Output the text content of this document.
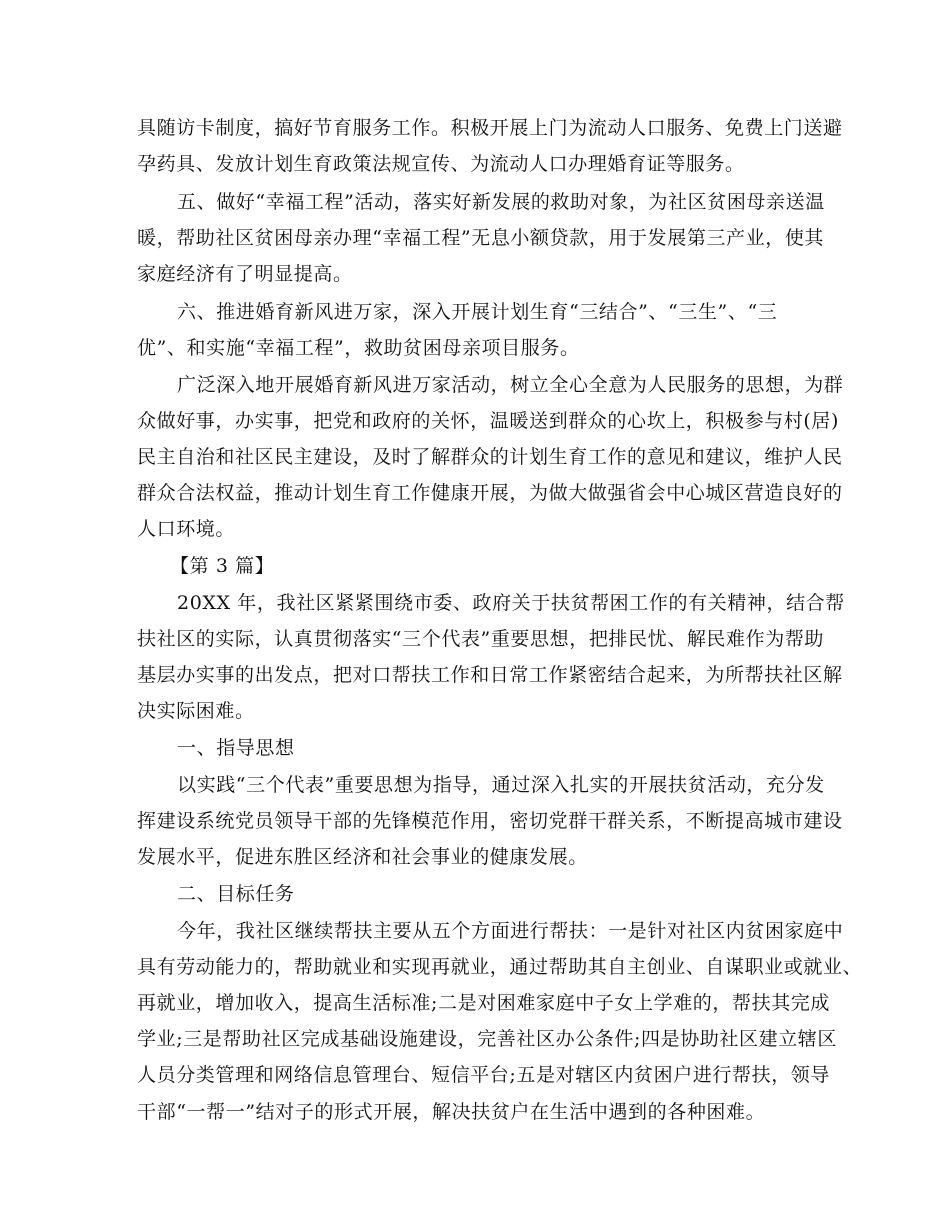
具随访卡制度，搞好节育服务工作。积极开展上门为流动人口服务、免费上门送避

孕药具、发放计划生育政策法规宣传、为流动人口办理婚育证等服务。

五、做好“幸福工程”活动，落实好新发展的救助对象，为社区贫困母亲送温

暖，帮助社区贫困母亲办理“幸福工程”无息小额贷款，用于发展第三产业，使其

家庭经济有了明显提高。

六、推进婚育新风进万家，深入开展计划生育“三结合”、“三生”、“三

优”、和实施“幸福工程”，救助贫困母亲项目服务。

广泛深入地开展婚育新风进万家活动，树立全心全意为人民服务的思想，为群

众做好事，办实事，把党和政府的关怀，温暖送到群众的心坎上，积极参与村(居)

民主自治和社区民主建设，及时了解群众的计划生育工作的意见和建议，维护人民

群众合法权益，推动计划生育工作健康开展，为做大做强省会中心城区营造良好的

人口环境。

【第 3 篇】

20XX 年，我社区紧紧围绕市委、政府关于扶贫帮困工作的有关精神，结合帮

扶社区的实际，认真贯彻落实“三个代表”重要思想，把排民忧、解民难作为帮助

基层办实事的出发点，把对口帮扶工作和日常工作紧密结合起来，为所帮扶社区解

决实际困难。

一、指导思想

以实践“三个代表”重要思想为指导，通过深入扎实的开展扶贫活动，充分发

挥建设系统党员领导干部的先锋模范作用，密切党群干群关系，不断提高城市建设

发展水平，促进东胜区经济和社会事业的健康发展。

二、目标任务

今年，我社区继续帮扶主要从五个方面进行帮扶：一是针对社区内贫困家庭中

具有劳动能力的，帮助就业和实现再就业，通过帮助其自主创业、自谋职业或就业、

再就业，增加收入，提高生活标准;二是对困难家庭中子女上学难的，帮扶其完成

学业;三是帮助社区完成基础设施建设，完善社区办公条件;四是协助社区建立辖区

人员分类管理和网络信息管理台、短信平台;五是对辖区内贫困户进行帮扶，领导

干部“一帮一”结对子的形式开展，解决扶贫户在生活中遇到的各种困难。
